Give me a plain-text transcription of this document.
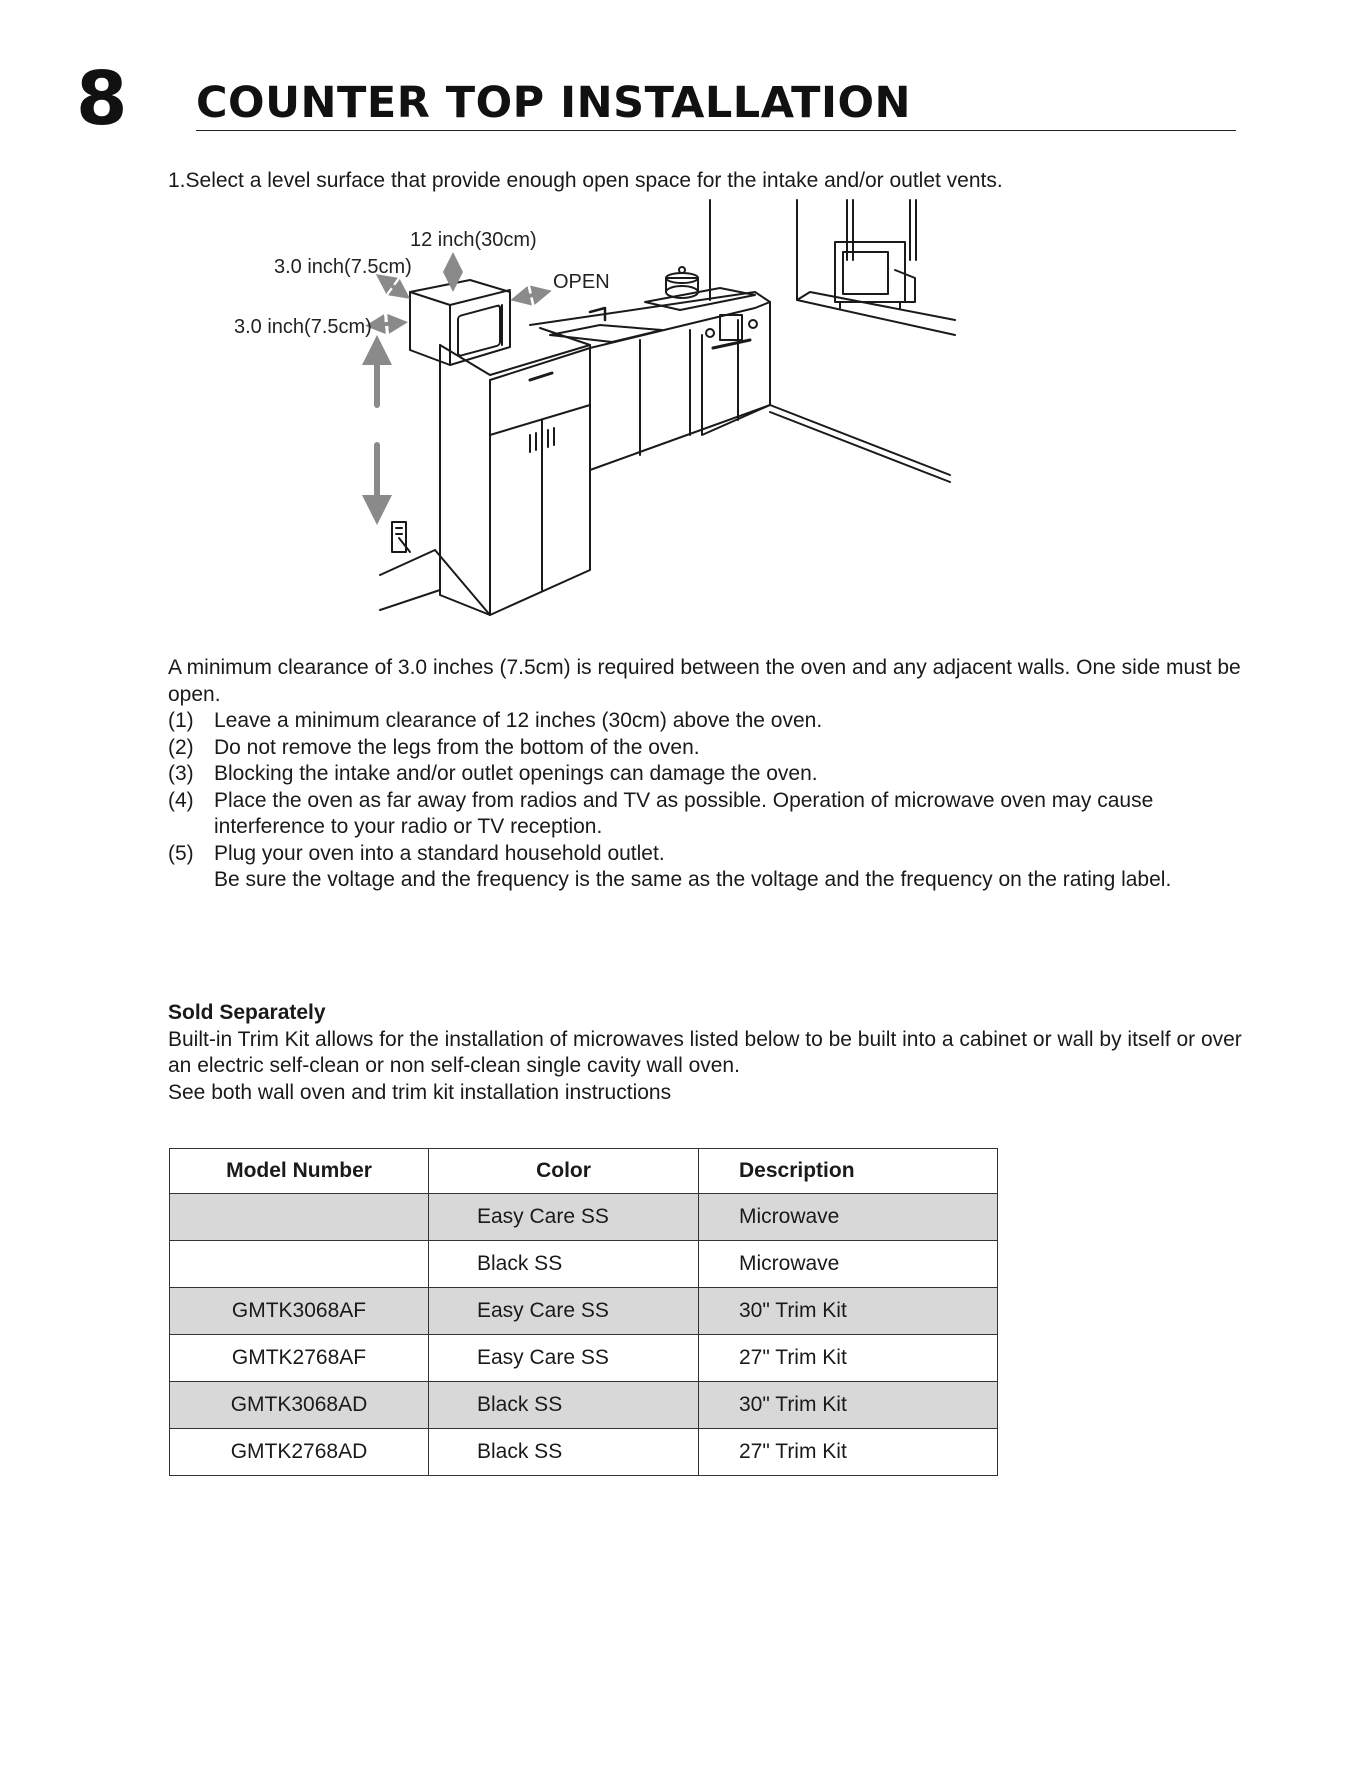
8 COUNTER TOP INSTALLATION
1.Select a level surface that provide enough open space for the intake and/or outlet vents.
12 inch(30cm)
3.0 inch(7.5cm)
3.0 inch(7.5cm)
OPEN

A minimum clearance of 3.0 inches (7.5cm) is required between the oven and any adjacent walls. One side must be open.

(1) Leave a minimum clearance of 12 inches (30cm) above the oven.
(2) Do not remove the legs from the bottom of the oven.
(3) Blocking the intake and/or outlet openings can damage the oven.
(4) Place the oven as far away from radios and TV as possible. Operation of microwave oven may cause interference to your radio or TV reception.
(5) Plug your oven into a standard household outlet.
Be sure the voltage and the frequency is the same as the voltage and the frequency on the rating label.

Sold Separately

Built-in Trim Kit allows for the installation of microwaves listed below to be built into a cabinet or wall by itself or over an electric self-clean or non self-clean single cavity wall oven.

See both wall oven and trim kit installation instructions

Model Number	Color	Description
	Easy Care SS	Microwave
	Black SS	Microwave
GMTK3068AF	Easy Care SS	30" Trim Kit
GMTK2768AF	Easy Care SS	27" Trim Kit
GMTK3068AD	Black SS	30" Trim Kit
GMTK2768AD	Black SS	27" Trim Kit
